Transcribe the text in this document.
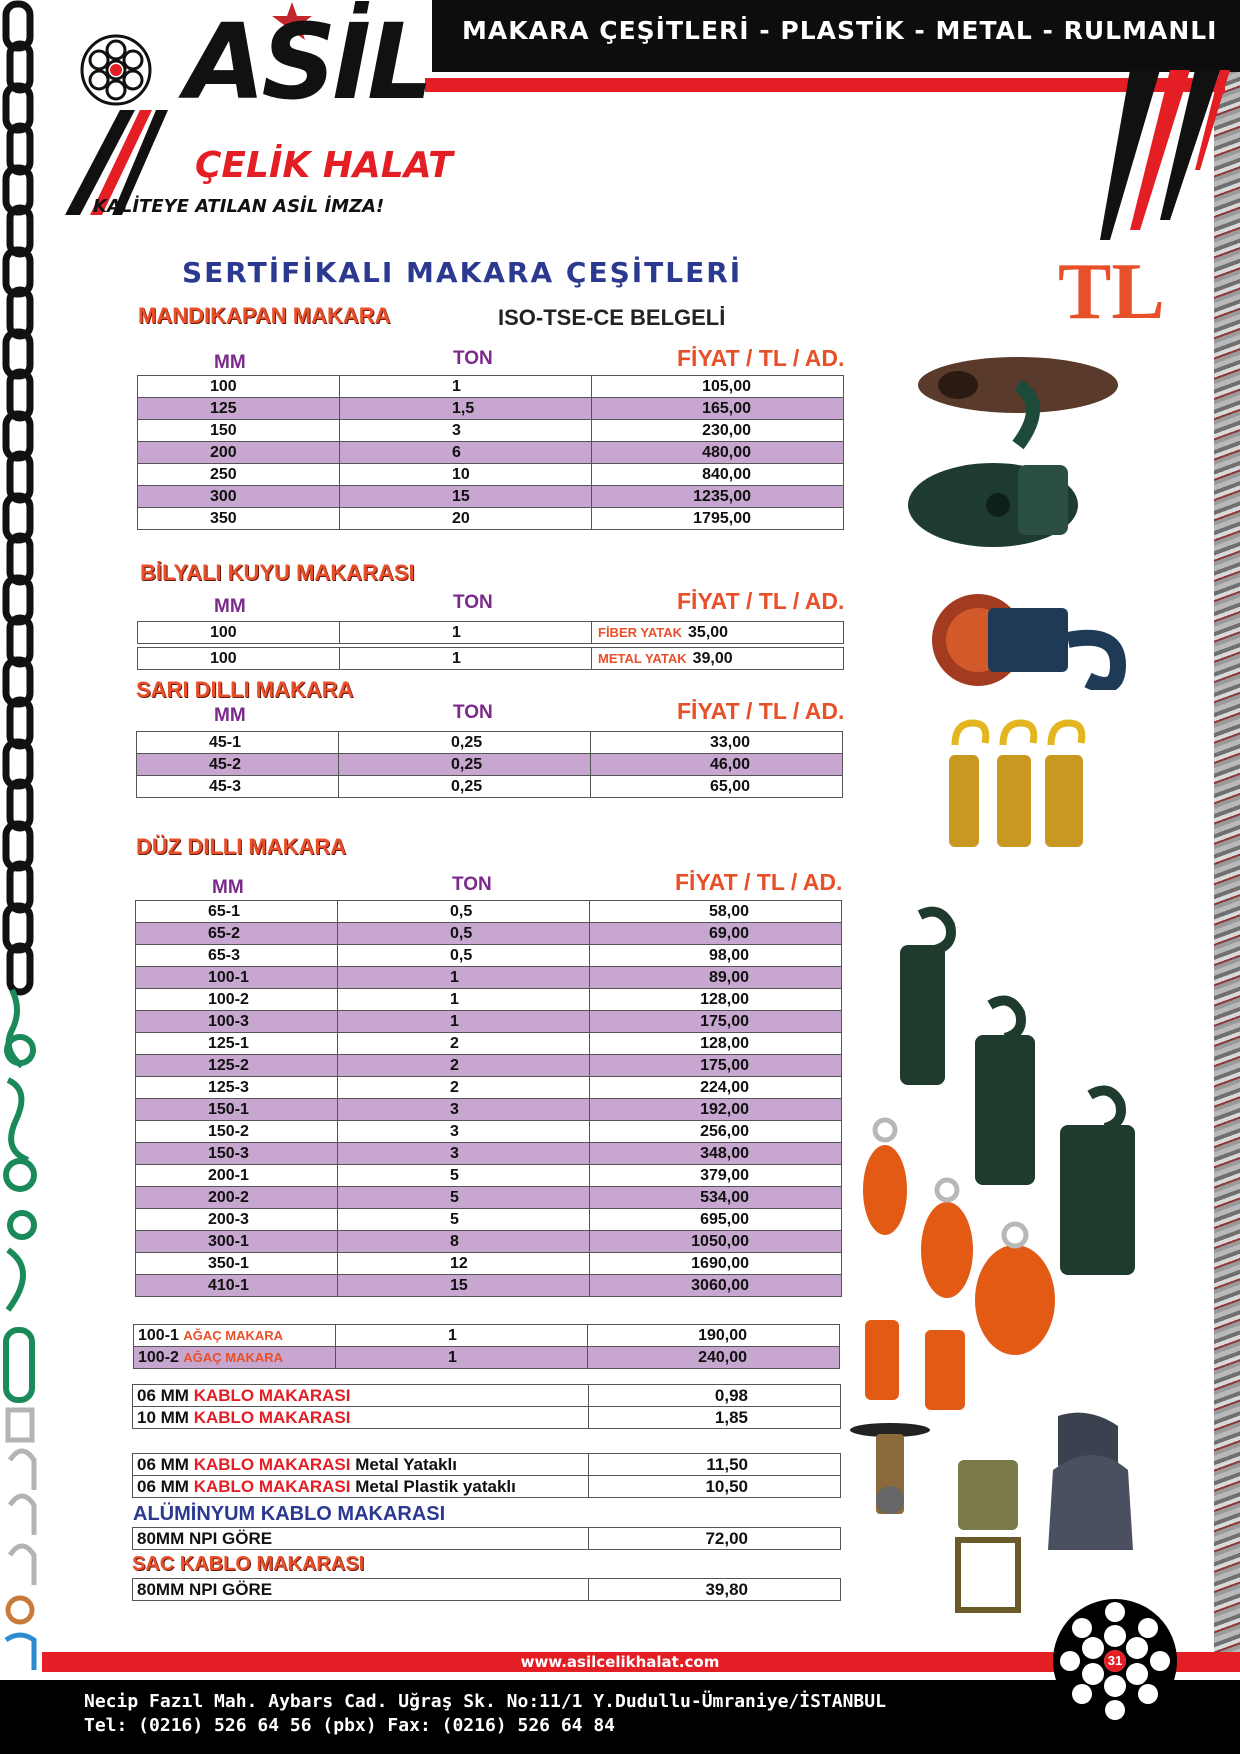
MAKARA ÇEŞİTLERİ - PLASTİK - METAL - RULMANLI
ASİL
ÇELİK HALAT
KALİTEYE ATILAN ASİL İMZA!
SERTİFİKALI MAKARA ÇEŞİTLERİ	TL
ISO-TSE-CE BELGELİ
MANDIKAPAN MAKARA
MM	TON	FİYAT / TL / AD.
100	1	105,00
125	1,5	165,00
150	3	230,00
200	6	480,00
250	10	840,00
300	15	1235,00
350	20	1795,00
BİLYALI KUYU MAKARASI
MM	TON	FİYAT / TL / AD.
100	1	FİBER YATAK 35,00
100	1	METAL YATAK 39,00
SARI DILLI MAKARA
MM	TON	FİYAT / TL / AD.
45-1	0,25	33,00
45-2	0,25	46,00
45-3	0,25	65,00
DÜZ DILLI MAKARA
MM	TON	FİYAT / TL / AD.
65-1	0,5	58,00
65-2	0,5	69,00
65-3	0,5	98,00
100-1	1	89,00
100-2	1	128,00
100-3	1	175,00
125-1	2	128,00
125-2	2	175,00
125-3	2	224,00
150-1	3	192,00
150-2	3	256,00
150-3	3	348,00
200-1	5	379,00
200-2	5	534,00
200-3	5	695,00
300-1	8	1050,00
350-1	12	1690,00
410-1	15	3060,00
100-1 AĞAÇ MAKARA	1	190,00
100-2 AĞAÇ MAKARA	1	240,00
06 MM KABLO MAKARASI	0,98
10 MM KABLO MAKARASI	1,85
06 MM KABLO MAKARASI Metal Yataklı	11,50
06 MM KABLO MAKARASI Metal Plastik yataklı	10,50
ALÜMİNYUM KABLO MAKARASI
80MM NPI GÖRE	72,00
SAC KABLO MAKARASI
80MM NPI GÖRE	39,80
www.asilcelikhalat.com
Necip Fazıl Mah. Aybars Cad. Uğraş Sk. No:11/1 Y.Dudullu-Ümraniye/İSTANBUL
Tel: (0216) 526 64 56 (pbx) Fax: (0216) 526 64 84
31
